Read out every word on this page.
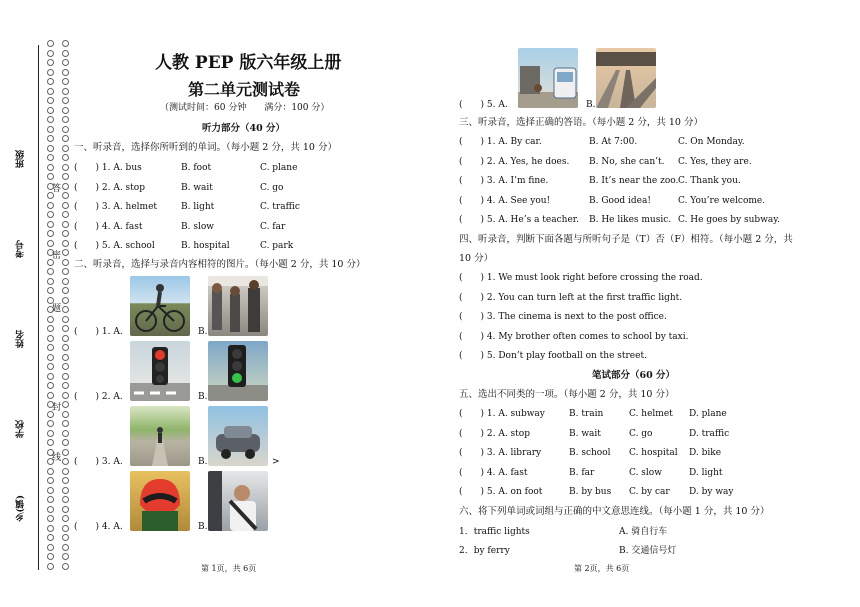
班级
考号
姓名
学校
乡(镇)
答
密
题
封
线
人教 PEP 版六年级上册
第二单元测试卷
（测试时间：60 分钟　　满分：100 分）
听力部分（40 分）
一、听录音，选择你所听到的单词。（每小题 2 分，共 10 分）
(　　) 1. A. bus	B. foot	C. plane
(　　) 2. A. stop	B. wait	C. go
(　　) 3. A. helmet	B. light	C. traffic
(　　) 4. A. fast	B. slow	C. far
(　　) 5. A. school	B. hospital	C. park
二、听录音，选择与录音内容相符的图片。（每小题 2 分，共 10 分）
(　　) 1. A.	B.
(　　) 2. A.	B.
(　　) 3. A.	B.	>
(　　) 4. A.	B.
第 1页，共 6页
(　　) 5. A.	B.
三、听录音，选择正确的答语。（每小题 2 分，共 10 分）
(　　) 1. A. By car.	B. At 7:00.	C. On Monday.
(　　) 2. A. Yes, he does. B. No, she can’t. C. Yes, they are.
(　　) 3. A. I’m fine.	B. It’s near the zoo. C. Thank you.
(　　) 4. A. See you!	B. Good idea!	C. You’re welcome.
(　　) 5. A. He’s a teacher. B. He likes music. C. He goes by subway.
四、听录音，判断下面各题与所听句子是（T）否（F）相符。（每小题 2 分，共
10 分）
(　　) 1. We must look right before crossing the road.
(　　) 2. You can turn left at the first traffic light.
(　　) 3. The cinema is next to the post office.
(　　) 4. My brother often comes to school by taxi.
(　　) 5. Don’t play football on the street.
笔试部分（60 分）
五、选出不同类的一项。（每小题 2 分，共 10 分）
(　　) 1. A. subway	B. train	C. helmet D. plane
(　　) 2. A. stop	B. wait	C. go	D. traffic
(　　) 3. A. library	B. school C. hospital D. bike
(　　) 4. A. fast	B. far	C. slow	D. light
(　　) 5. A. on foot	B. by bus C. by car D. by way
六、将下列单词或词组与正确的中文意思连线。（每小题 1 分，共 10 分）
1．traffic lights	A. 骑自行车
2．by ferry	B. 交通信号灯
第 2页，共 6页
